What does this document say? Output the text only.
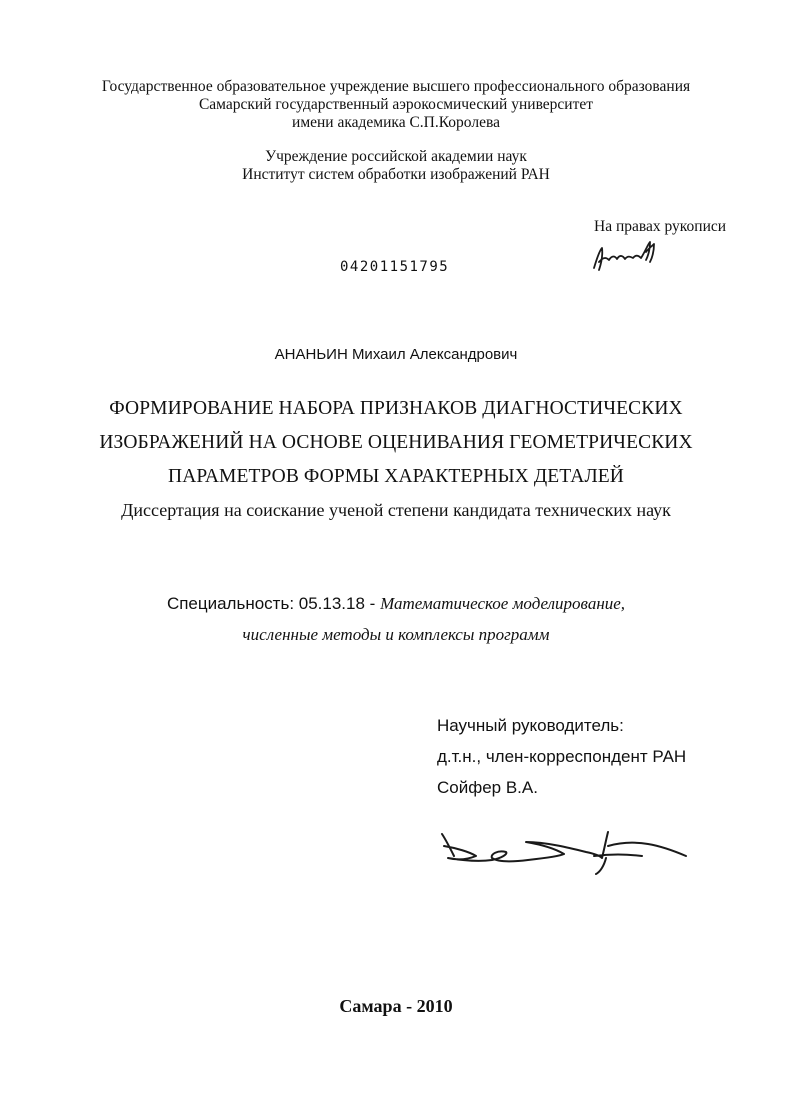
Государственное образовательное учреждение высшего профессионального образования
Самарский государственный аэрокосмический университет
имени академика С.П.Королева
Учреждение российской академии наук
Институт систем обработки изображений РАН
На правах рукописи
04201151795
АНАНЬИН Михаил Александрович
ФОРМИРОВАНИЕ НАБОРА ПРИЗНАКОВ ДИАГНОСТИЧЕСКИХ
ИЗОБРАЖЕНИЙ НА ОСНОВЕ ОЦЕНИВАНИЯ ГЕОМЕТРИЧЕСКИХ
ПАРАМЕТРОВ ФОРМЫ ХАРАКТЕРНЫХ ДЕТАЛЕЙ
Диссертация на соискание ученой степени кандидата технических наук
Специальность: 05.13.18 - Математическое моделирование,
численные методы и комплексы программ
Научный руководитель:
д.т.н., член-корреспондент РАН
Сойфер В.А.
Самара - 2010
